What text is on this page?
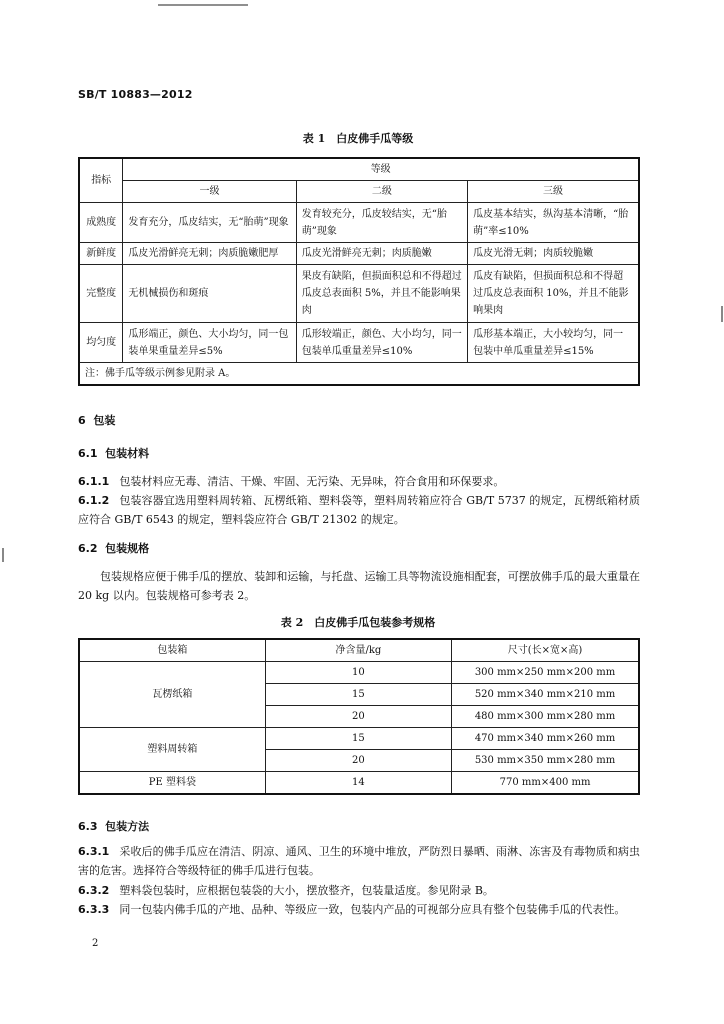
SB/T 10883—2012
表 1　白皮佛手瓜等级
指标	等级		
	一级	二级	三级
成熟度	发育充分，瓜皮结实，无“胎萌”现象	发育较充分，瓜皮较结实，无“胎萌”现象	瓜皮基本结实，纵沟基本清晰，“胎萌”率≤10%
新鲜度	瓜皮光滑鲜亮无刺；肉质脆嫩肥厚	瓜皮光滑鲜亮无刺；肉质脆嫩	瓜皮光滑无刺；肉质较脆嫩
完整度	无机械损伤和斑痕	果皮有缺陷，但损面积总和不得超过瓜皮总表面积 5%，并且不能影响果肉	瓜皮有缺陷，但损面积总和不得超过瓜皮总表面积 10%，并且不能影响果肉
均匀度	瓜形端正，颜色、大小均匀，同一包装单果重量差异≤5%	瓜形较端正，颜色、大小均匀，同一包装单瓜重量差异≤10%	瓜形基本端正，大小较均匀，同一包装中单瓜重量差异≤15%
注：佛手瓜等级示例参见附录 A。			
6 包装
6.1 包装材料
6.1.1 包装材料应无毒、清洁、干燥、牢固、无污染、无异味，符合食用和环保要求。
6.1.2 包装容器宜选用塑料周转箱、瓦楞纸箱、塑料袋等，塑料周转箱应符合 GB/T 5737 的规定，瓦楞纸箱材质应符合 GB/T 6543 的规定，塑料袋应符合 GB/T 21302 的规定。
6.2 包装规格
包装规格应便于佛手瓜的摆放、装卸和运输，与托盘、运输工具等物流设施相配套，可摆放佛手瓜的最大重量在 20 kg 以内。包装规格可参考表 2。
表 2　白皮佛手瓜包装参考规格
包装箱	净含量/kg	尺寸(长×宽×高)
瓦楞纸箱	10	300 mm×250 mm×200 mm
	15	520 mm×340 mm×210 mm
	20	480 mm×300 mm×280 mm
塑料周转箱	15	470 mm×340 mm×260 mm
	20	530 mm×350 mm×280 mm
PE 塑料袋	14	770 mm×400 mm
6.3 包装方法
6.3.1 采收后的佛手瓜应在清洁、阴凉、通风、卫生的环境中堆放，严防烈日暴晒、雨淋、冻害及有毒物质和病虫害的危害。选择符合等级特征的佛手瓜进行包装。
6.3.2 塑料袋包装时，应根据包装袋的大小，摆放整齐，包装量适度。参见附录 B。
6.3.3 同一包装内佛手瓜的产地、品种、等级应一致，包装内产品的可视部分应具有整个包装佛手瓜的代表性。
2
